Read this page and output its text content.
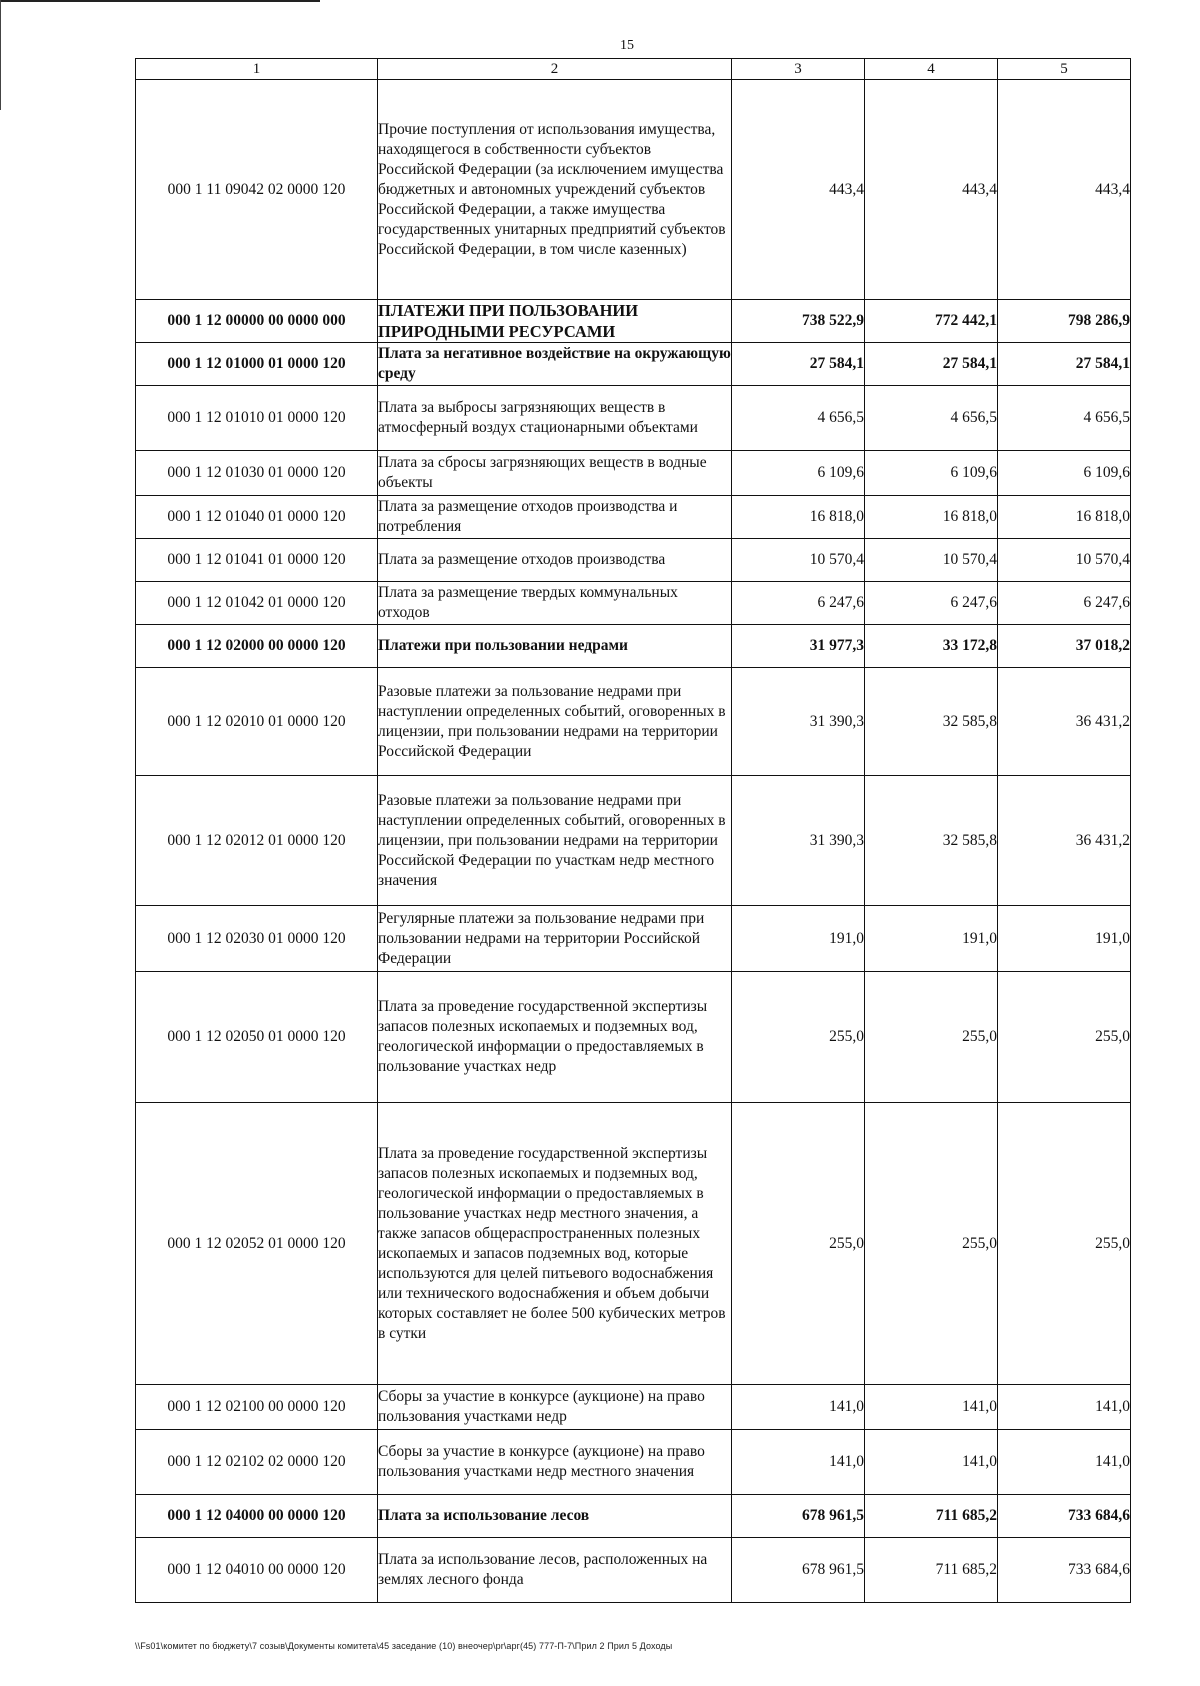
15
1	2	3	4	5
000 1 11 09042 02 0000 120	Прочие поступления от использования имущества, находящегося в собственности субъектов Российской Федерации (за исключением имущества бюджетных и автономных учреждений субъектов Российской Федерации, а также имущества государственных унитарных предприятий субъектов Российской Федерации, в том числе казенных)	443,4	443,4	443,4
000 1 12 00000 00 0000 000	ПЛАТЕЖИ ПРИ ПОЛЬЗОВАНИИ ПРИРОДНЫМИ РЕСУРСАМИ	738 522,9	772 442,1	798 286,9
000 1 12 01000 01 0000 120	Плата за негативное воздействие на окружающую среду	27 584,1	27 584,1	27 584,1
000 1 12 01010 01 0000 120	Плата за выбросы загрязняющих веществ в атмосферный воздух стационарными объектами	4 656,5	4 656,5	4 656,5
000 1 12 01030 01 0000 120	Плата за сбросы загрязняющих веществ в водные объекты	6 109,6	6 109,6	6 109,6
000 1 12 01040 01 0000 120	Плата за размещение отходов производства и потребления	16 818,0	16 818,0	16 818,0
000 1 12 01041 01 0000 120	Плата за размещение отходов производства	10 570,4	10 570,4	10 570,4
000 1 12 01042 01 0000 120	Плата за размещение твердых коммунальных отходов	6 247,6	6 247,6	6 247,6
000 1 12 02000 00 0000 120	Платежи при пользовании недрами	31 977,3	33 172,8	37 018,2
000 1 12 02010 01 0000 120	Разовые платежи за пользование недрами при наступлении определенных событий, оговоренных в лицензии, при пользовании недрами на территории Российской Федерации	31 390,3	32 585,8	36 431,2
000 1 12 02012 01 0000 120	Разовые платежи за пользование недрами при наступлении определенных событий, оговоренных в лицензии, при пользовании недрами на территории Российской Федерации по участкам недр местного значения	31 390,3	32 585,8	36 431,2
000 1 12 02030 01 0000 120	Регулярные платежи за пользование недрами при пользовании недрами на территории Российской Федерации	191,0	191,0	191,0
000 1 12 02050 01 0000 120	Плата за проведение государственной экспертизы запасов полезных ископаемых и подземных вод, геологической информации о предоставляемых в пользование участках недр	255,0	255,0	255,0
000 1 12 02052 01 0000 120	Плата за проведение государственной экспертизы запасов полезных ископаемых и подземных вод, геологической информации о предоставляемых в пользование участках недр местного значения, а также запасов общераспространенных полезных ископаемых и запасов подземных вод, которые используются для целей питьевого водоснабжения или технического водоснабжения и объем добычи которых составляет не более 500 кубических метров в сутки	255,0	255,0	255,0
000 1 12 02100 00 0000 120	Сборы за участие в конкурсе (аукционе) на право пользования участками недр	141,0	141,0	141,0
000 1 12 02102 02 0000 120	Сборы за участие в конкурсе (аукционе) на право пользования участками недр местного значения	141,0	141,0	141,0
000 1 12 04000 00 0000 120	Плата за использование лесов	678 961,5	711 685,2	733 684,6
000 1 12 04010 00 0000 120	Плата за использование лесов, расположенных на землях лесного фонда	678 961,5	711 685,2	733 684,6
\\Fs01\комитет по бюджету\7 созыв\Документы комитета\45 заседание (10) внеочер\pr\арг(45) 777-П-7\Прил 2 Прил 5 Доходы
